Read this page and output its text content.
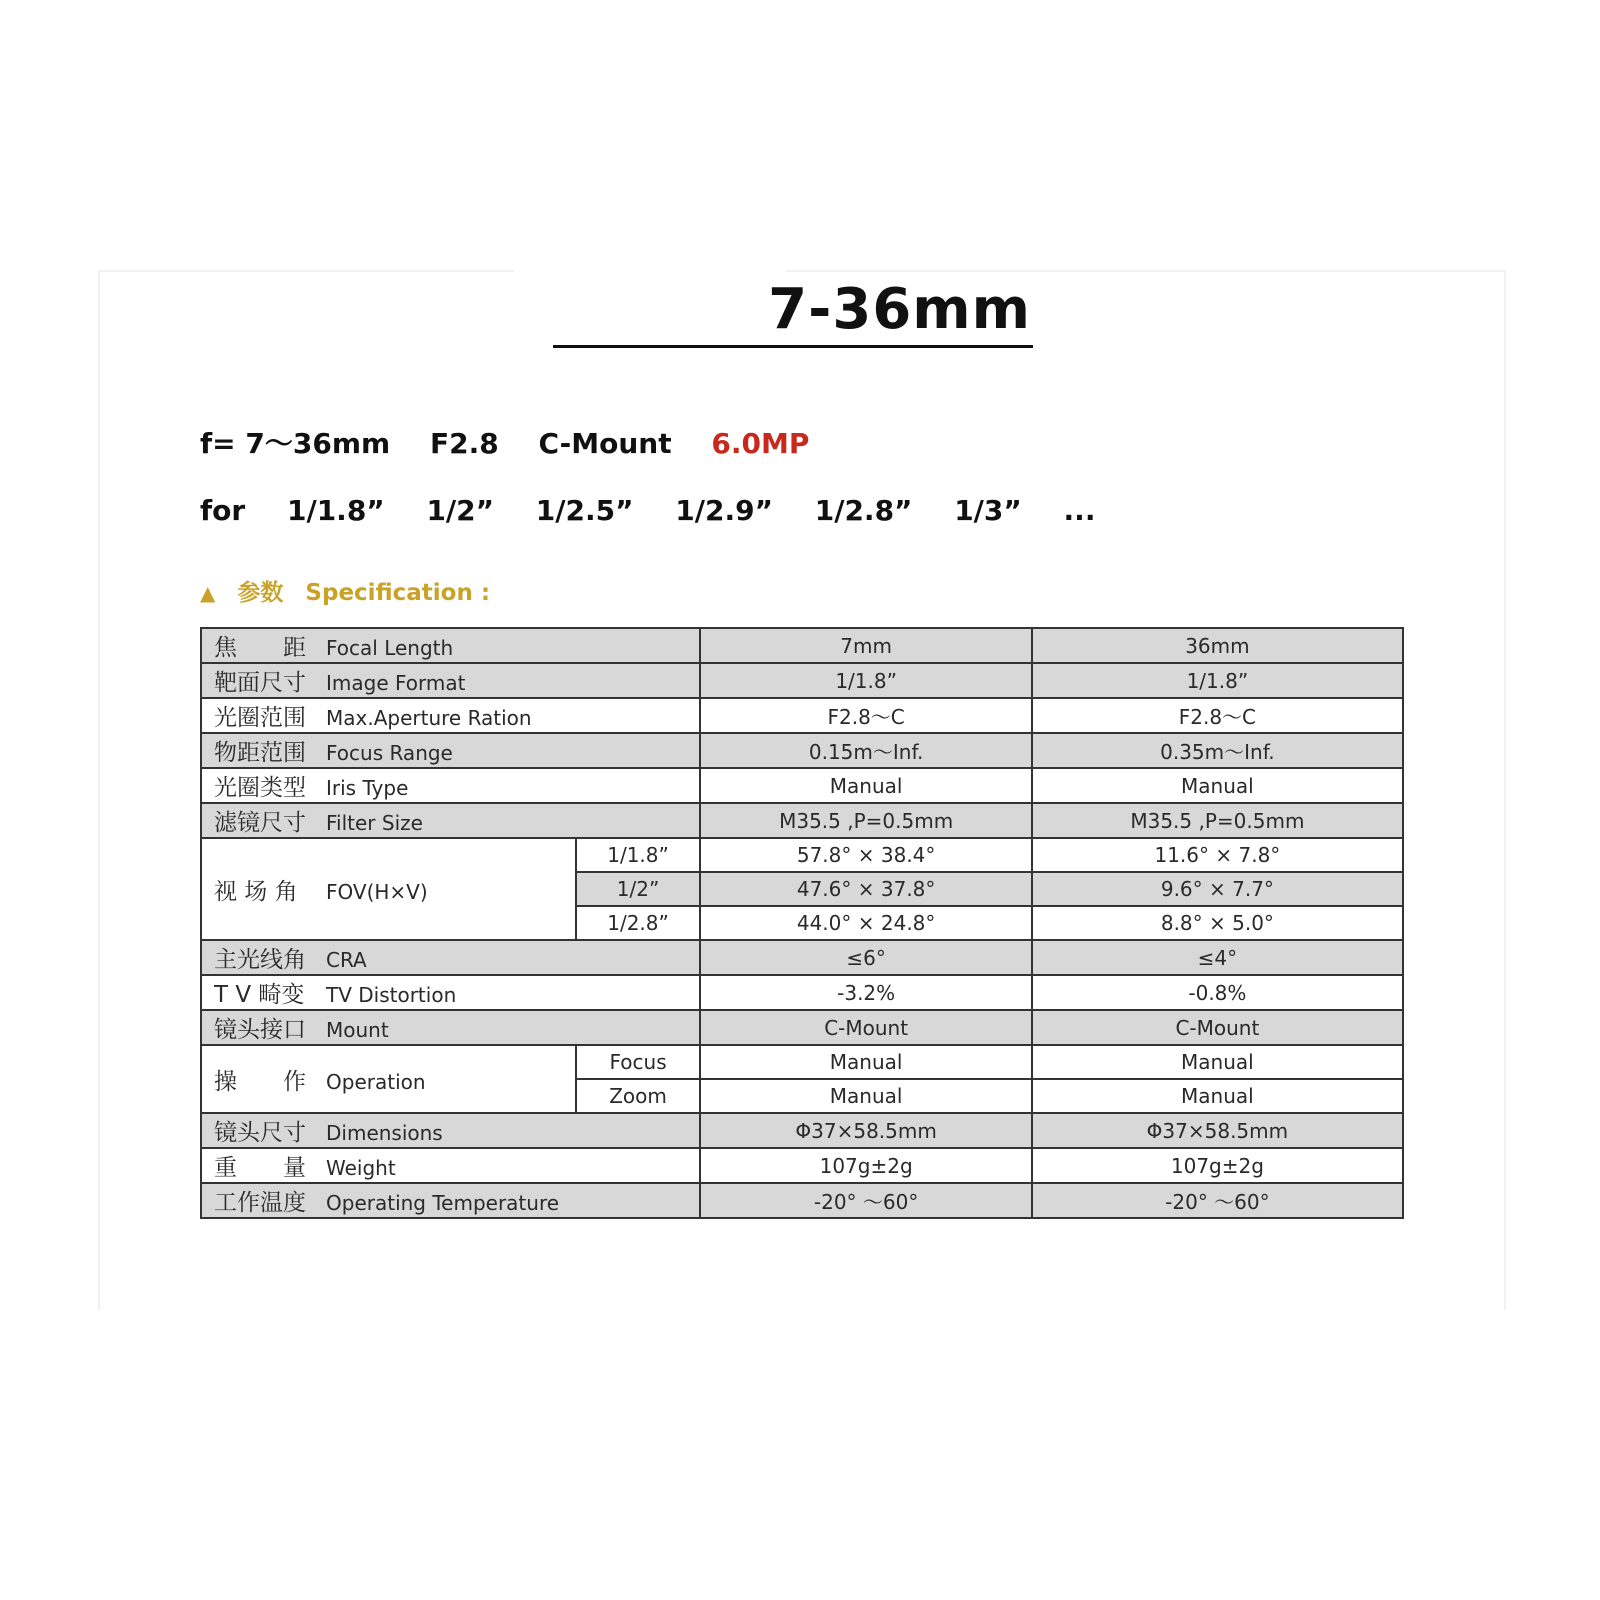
7-36mm
f= 7～36mm F2.8 C-Mount 6.0MP
for 1/1.8” 1/2” 1/2.5” 1/2.9” 1/2.8” 1/3” ...
▲ 参数 Specification :
焦　　距 Focal Length		7mm	36mm
靶面尺寸 Image Format		1/1.8”	1/1.8”
光圈范围 Max.Aperture Ration		F2.8～C	F2.8～C
物距范围 Focus Range		0.15m～Inf.	0.35m～Inf.
光圈类型 Iris Type		Manual	Manual
滤镜尺寸 Filter Size		M35.5 ,P=0.5mm	M35.5 ,P=0.5mm
视 场 角 FOV(H×V)	1/1.8”	57.8° × 38.4°	11.6° × 7.8°
	1/2”	47.6° × 37.8°	9.6° × 7.7°
	1/2.8”	44.0° × 24.8°	8.8° × 5.0°
主光线角 CRA		≤6°	≤4°
T V 畸变 TV Distortion		-3.2%	-0.8%
镜头接口 Mount		C-Mount	C-Mount
操　　作 Operation	Focus	Manual	Manual
	Zoom	Manual	Manual
镜头尺寸 Dimensions		Φ37×58.5mm	Φ37×58.5mm
重　　量 Weight		107g±2g	107g±2g
工作温度 Operating Temperature		-20° ～60°	-20° ～60°
